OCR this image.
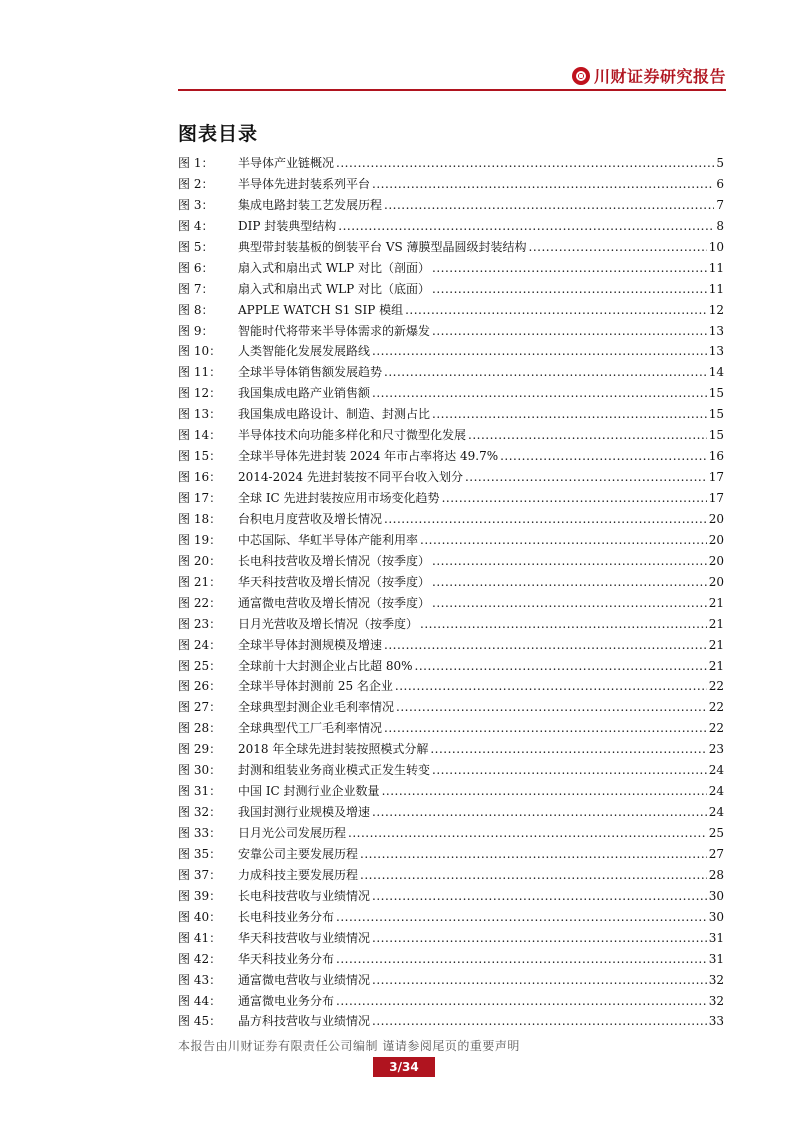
川财证券研究报告
图表目录
图 1：	半导体产业链概况 .....	5
图 2：	半导体先进封装系列平台 .....	6
图 3：	集成电路封装工艺发展历程 .....	7
图 4：	DIP 封装典型结构 .....	8
图 5：	典型带封装基板的倒装平台 VS 薄膜型晶圆级封装结构 .....	10
图 6：	扇入式和扇出式 WLP 对比（剖面） .....	11
图 7：	扇入式和扇出式 WLP 对比（底面） .....	11
图 8：	APPLE WATCH S1 SIP 模组 .....	12
图 9：	智能时代将带来半导体需求的新爆发 .....	13
图 10：	人类智能化发展发展路线 .....	13
图 11：	全球半导体销售额发展趋势 .....	14
图 12：	我国集成电路产业销售额 .....	15
图 13：	我国集成电路设计、制造、封测占比 .....	15
图 14：	半导体技术向功能多样化和尺寸微型化发展 .....	15
图 15：	全球半导体先进封装 2024 年市占率将达 49.7% .....	16
图 16：	2014-2024 先进封装按不同平台收入划分 .....	17
图 17：	全球 IC 先进封装按应用市场变化趋势 .....	17
图 18：	台积电月度营收及增长情况 .....	20
图 19：	中芯国际、华虹半导体产能利用率 .....	20
图 20：	长电科技营收及增长情况（按季度） .....	20
图 21：	华天科技营收及增长情况（按季度） .....	20
图 22：	通富微电营收及增长情况（按季度） .....	21
图 23：	日月光营收及增长情况（按季度） .....	21
图 24：	全球半导体封测规模及增速 .....	21
图 25：	全球前十大封测企业占比超 80% .....	21
图 26：	全球半导体封测前 25 名企业 .....	22
图 27：	全球典型封测企业毛利率情况 .....	22
图 28：	全球典型代工厂毛利率情况 .....	22
图 29：	2018 年全球先进封装按照模式分解 .....	23
图 30：	封测和组装业务商业模式正发生转变 .....	24
图 31：	中国 IC 封测行业企业数量 .....	24
图 32：	我国封测行业规模及增速 .....	24
图 33：	日月光公司发展历程 .....	25
图 35：	安靠公司主要发展历程 .....	27
图 37：	力成科技主要发展历程 .....	28
图 39：	长电科技营收与业绩情况 .....	30
图 40：	长电科技业务分布 .....	30
图 41：	华天科技营收与业绩情况 .....	31
图 42：	华天科技业务分布 .....	31
图 43：	通富微电营收与业绩情况 .....	32
图 44：	通富微电业务分布 .....	32
图 45：	晶方科技营收与业绩情况 .....	33
本报告由川财证券有限责任公司编制 谨请参阅尾页的重要声明
3/34
